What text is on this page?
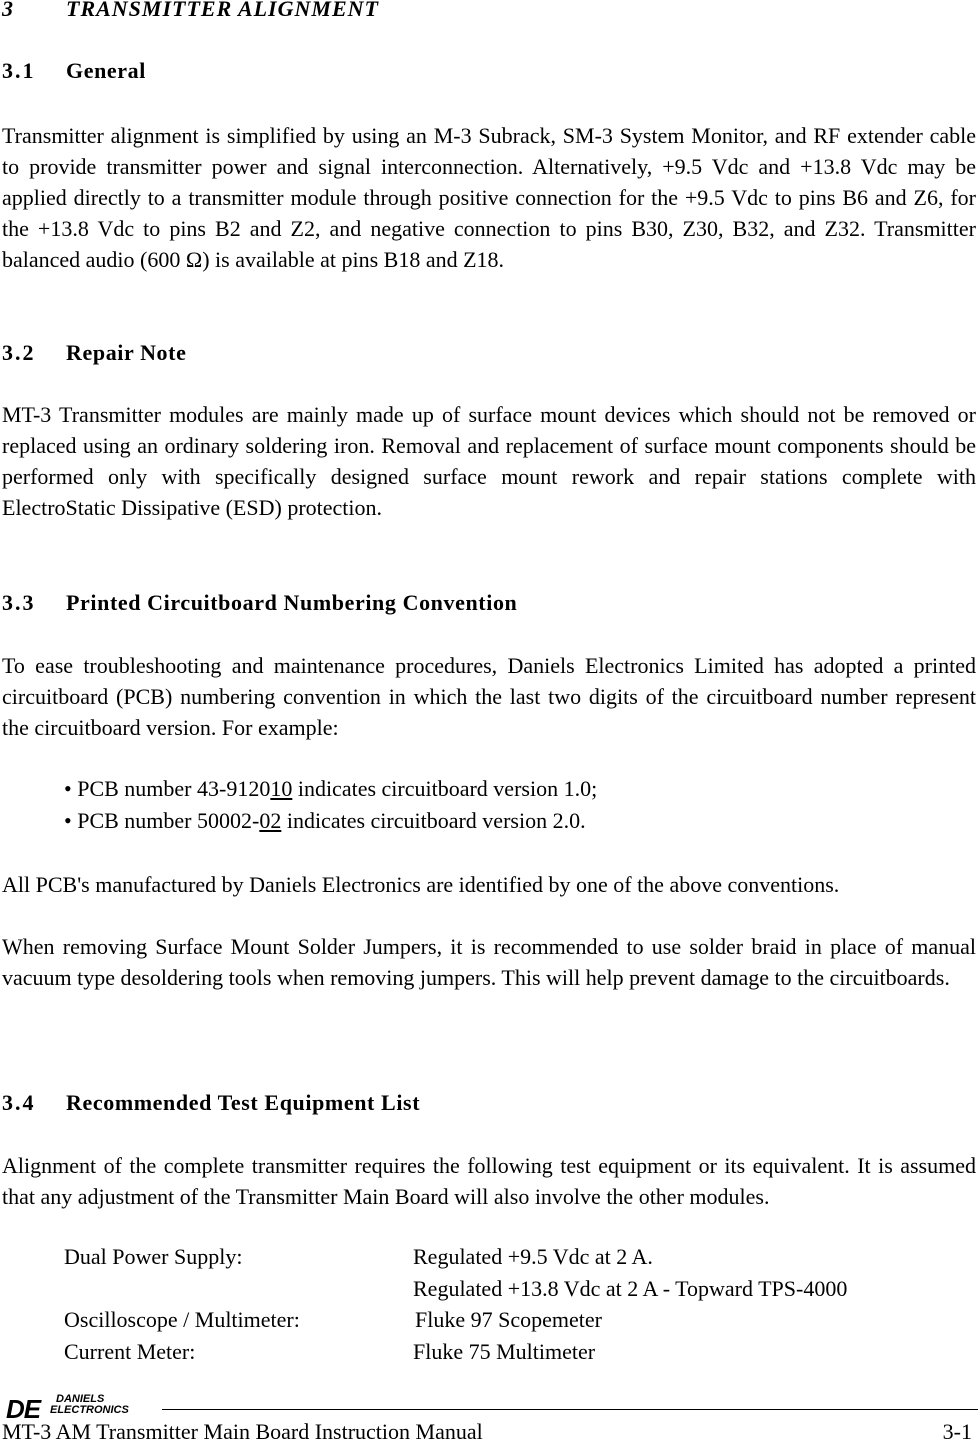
3 TRANSMITTER ALIGNMENT
3.1 General
Transmitter alignment is simplified by using an M-3 Subrack, SM-3 System Monitor, and RF extender cable to provide transmitter power and signal interconnection. Alternatively, +9.5 Vdc and +13.8 Vdc may be applied directly to a transmitter module through positive connection for the +9.5 Vdc to pins B6 and Z6, for the +13.8 Vdc to pins B2 and Z2, and negative connection to pins B30, Z30, B32, and Z32. Transmitter balanced audio (600 Ω) is available at pins B18 and Z18.
3.2 Repair Note
MT-3 Transmitter modules are mainly made up of surface mount devices which should not be removed or replaced using an ordinary soldering iron. Removal and replacement of surface mount components should be performed only with specifically designed surface mount rework and repair stations complete with ElectroStatic Dissipative (ESD) protection.
3.3 Printed Circuitboard Numbering Convention
To ease troubleshooting and maintenance procedures, Daniels Electronics Limited has adopted a printed circuitboard (PCB) numbering convention in which the last two digits of the circuitboard number represent the circuitboard version. For example:
• PCB number 43-912010 indicates circuitboard version 1.0;
• PCB number 50002-02 indicates circuitboard version 2.0.
All PCB's manufactured by Daniels Electronics are identified by one of the above conventions.
When removing Surface Mount Solder Jumpers, it is recommended to use solder braid in place of manual vacuum type desoldering tools when removing jumpers. This will help prevent damage to the circuitboards.
3.4 Recommended Test Equipment List
Alignment of the complete transmitter requires the following test equipment or its equivalent. It is assumed that any adjustment of the Transmitter Main Board will also involve the other modules.
Dual Power Supply:	Regulated +9.5 Vdc at 2 A.
Regulated +13.8 Vdc at 2 A - Topward TPS-4000
Oscilloscope / Multimeter:	Fluke 97 Scopemeter
Current Meter:	Fluke 75 Multimeter
DE DANIELS
ELECTRONICS
MT-3 AM Transmitter Main Board Instruction Manual	3-1
